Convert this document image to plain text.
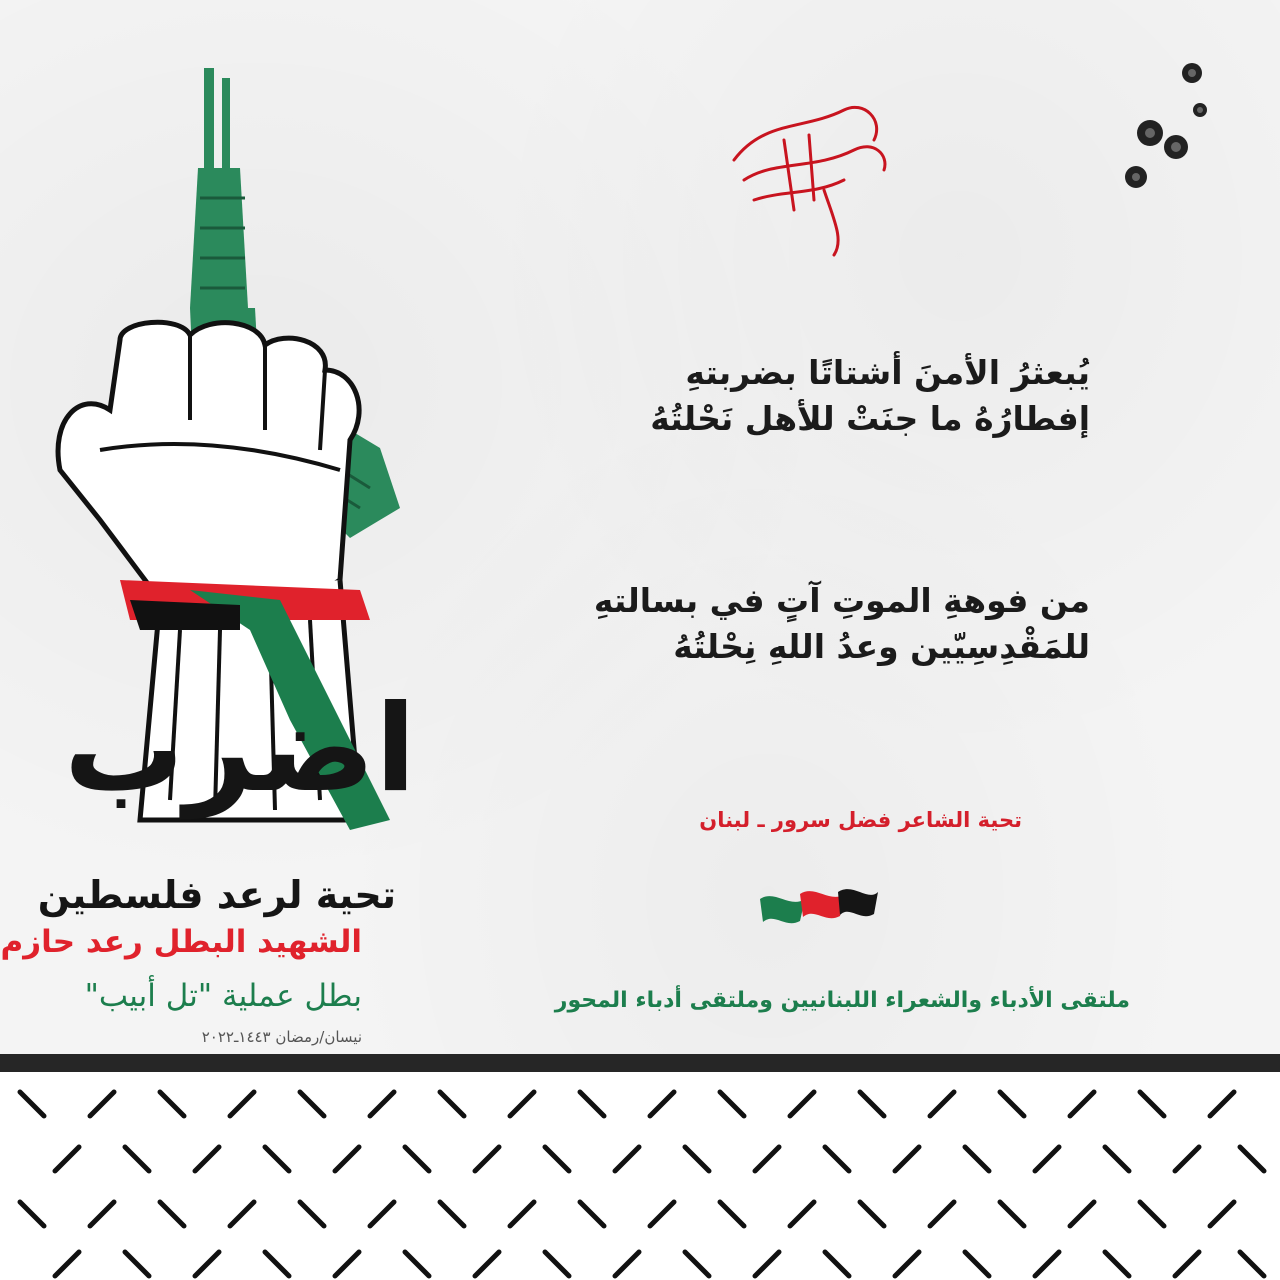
اضرب
تحية لرعد فلسطين
الشهيد البطل رعد حازم
بطل عملية "تل أبيب"
نيسان/رمضان ١٤٤٣ـ٢٠٢٢

يُبعثرُ الأمنَ أشتاتًا بضربتهِ

إفطارُهُ ما جنَتْ للأهل نَحْلتُهُ

من فوهةِ الموتِ آتٍ في بسالتهِ

للمَقْدِسِيّين وعدُ اللهِ نِحْلتُهُ

تحية الشاعر فضل سرور ـ لبنان
ملتقى الأدباء والشعراء اللبنانيين وملتقى أدباء المحور
